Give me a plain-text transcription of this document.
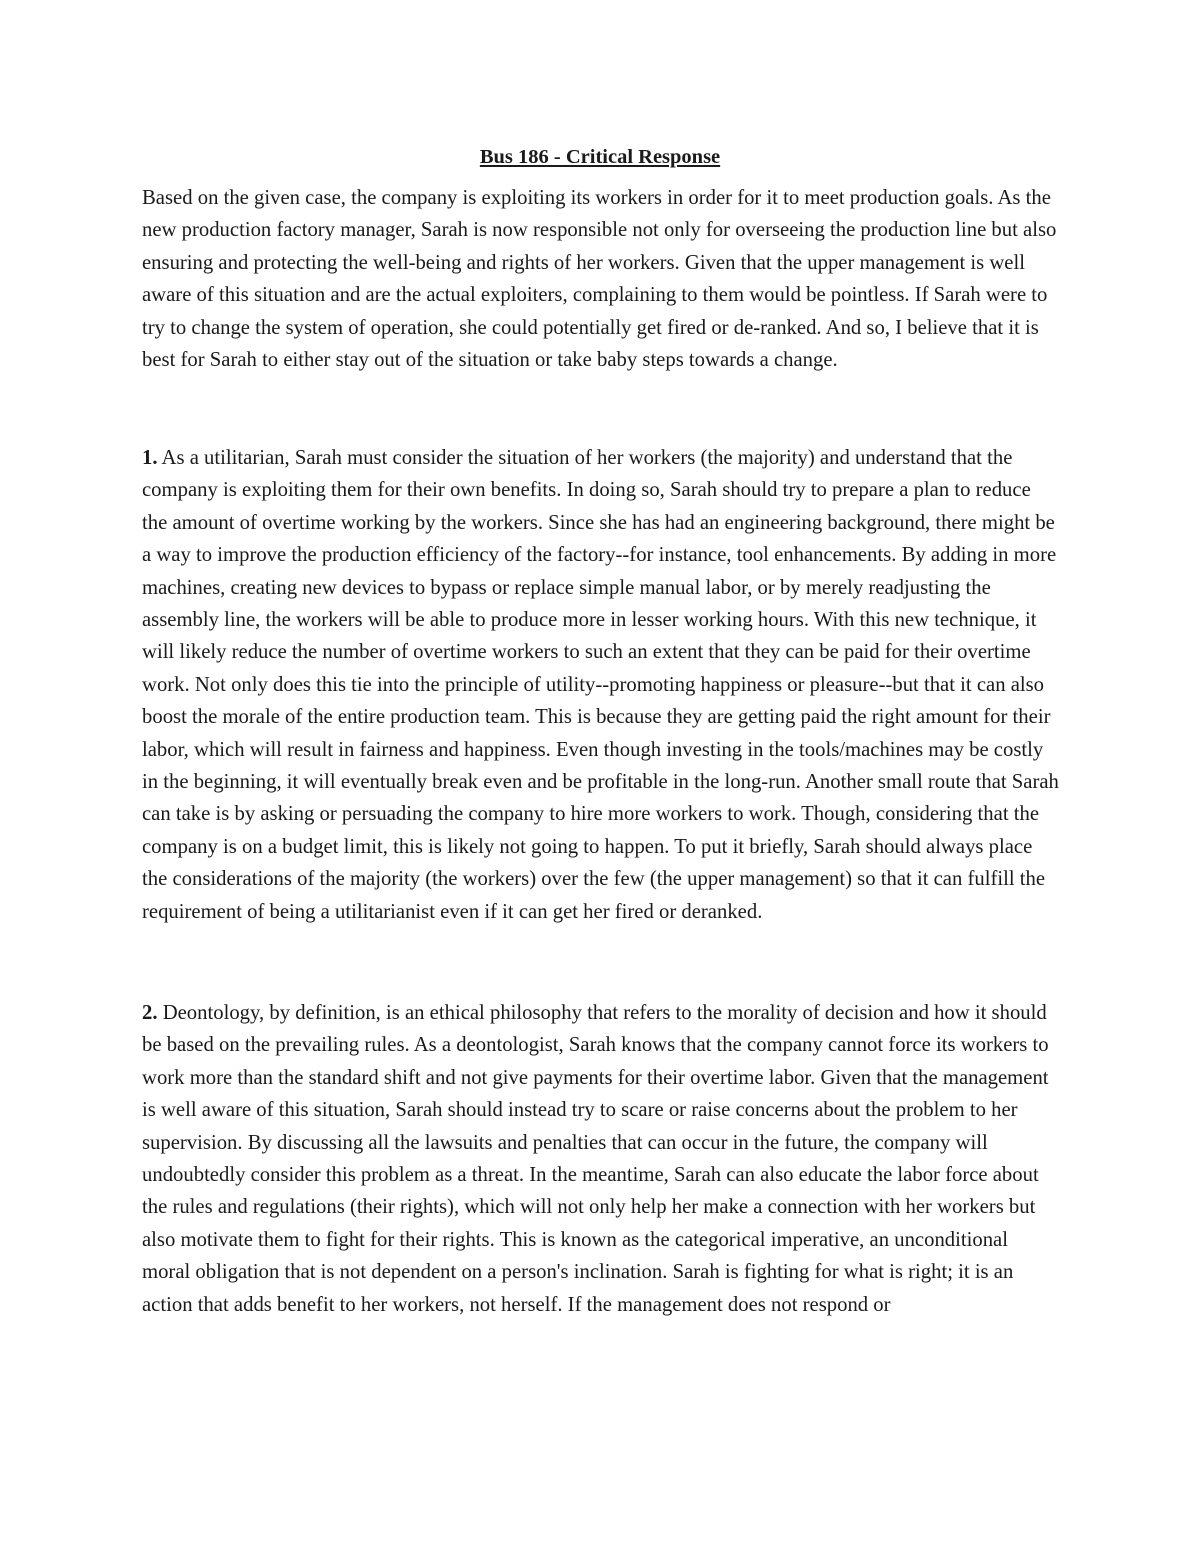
Bus 186 - Critical Response

Based on the given case, the company is exploiting its workers in order for it to meet production goals. As the new production factory manager, Sarah is now responsible not only for overseeing the production line but also ensuring and protecting the well-being and rights of her workers. Given that the upper management is well aware of this situation and are the actual exploiters, complaining to them would be pointless. If Sarah were to try to change the system of operation, she could potentially get fired or de-ranked. And so, I believe that it is best for Sarah to either stay out of the situation or take baby steps towards a change.

1. As a utilitarian, Sarah must consider the situation of her workers (the majority) and understand that the company is exploiting them for their own benefits. In doing so, Sarah should try to prepare a plan to reduce the amount of overtime working by the workers. Since she has had an engineering background, there might be a way to improve the production efficiency of the factory--for instance, tool enhancements. By adding in more machines, creating new devices to bypass or replace simple manual labor, or by merely readjusting the assembly line, the workers will be able to produce more in lesser working hours. With this new technique, it will likely reduce the number of overtime workers to such an extent that they can be paid for their overtime work. Not only does this tie into the principle of utility--promoting happiness or pleasure--but that it can also boost the morale of the entire production team. This is because they are getting paid the right amount for their labor, which will result in fairness and happiness. Even though investing in the tools/machines may be costly in the beginning, it will eventually break even and be profitable in the long-run. Another small route that Sarah can take is by asking or persuading the company to hire more workers to work. Though, considering that the company is on a budget limit, this is likely not going to happen. To put it briefly, Sarah should always place the considerations of the majority (the workers) over the few (the upper management) so that it can fulfill the requirement of being a utilitarianist even if it can get her fired or deranked.

2. Deontology, by definition, is an ethical philosophy that refers to the morality of decision and how it should be based on the prevailing rules. As a deontologist, Sarah knows that the company cannot force its workers to work more than the standard shift and not give payments for their overtime labor. Given that the management is well aware of this situation, Sarah should instead try to scare or raise concerns about the problem to her supervision. By discussing all the lawsuits and penalties that can occur in the future, the company will undoubtedly consider this problem as a threat. In the meantime, Sarah can also educate the labor force about the rules and regulations (their rights), which will not only help her make a connection with her workers but also motivate them to fight for their rights. This is known as the categorical imperative, an unconditional moral obligation that is not dependent on a person's inclination. Sarah is fighting for what is right; it is an action that adds benefit to her workers, not herself. If the management does not respond or
